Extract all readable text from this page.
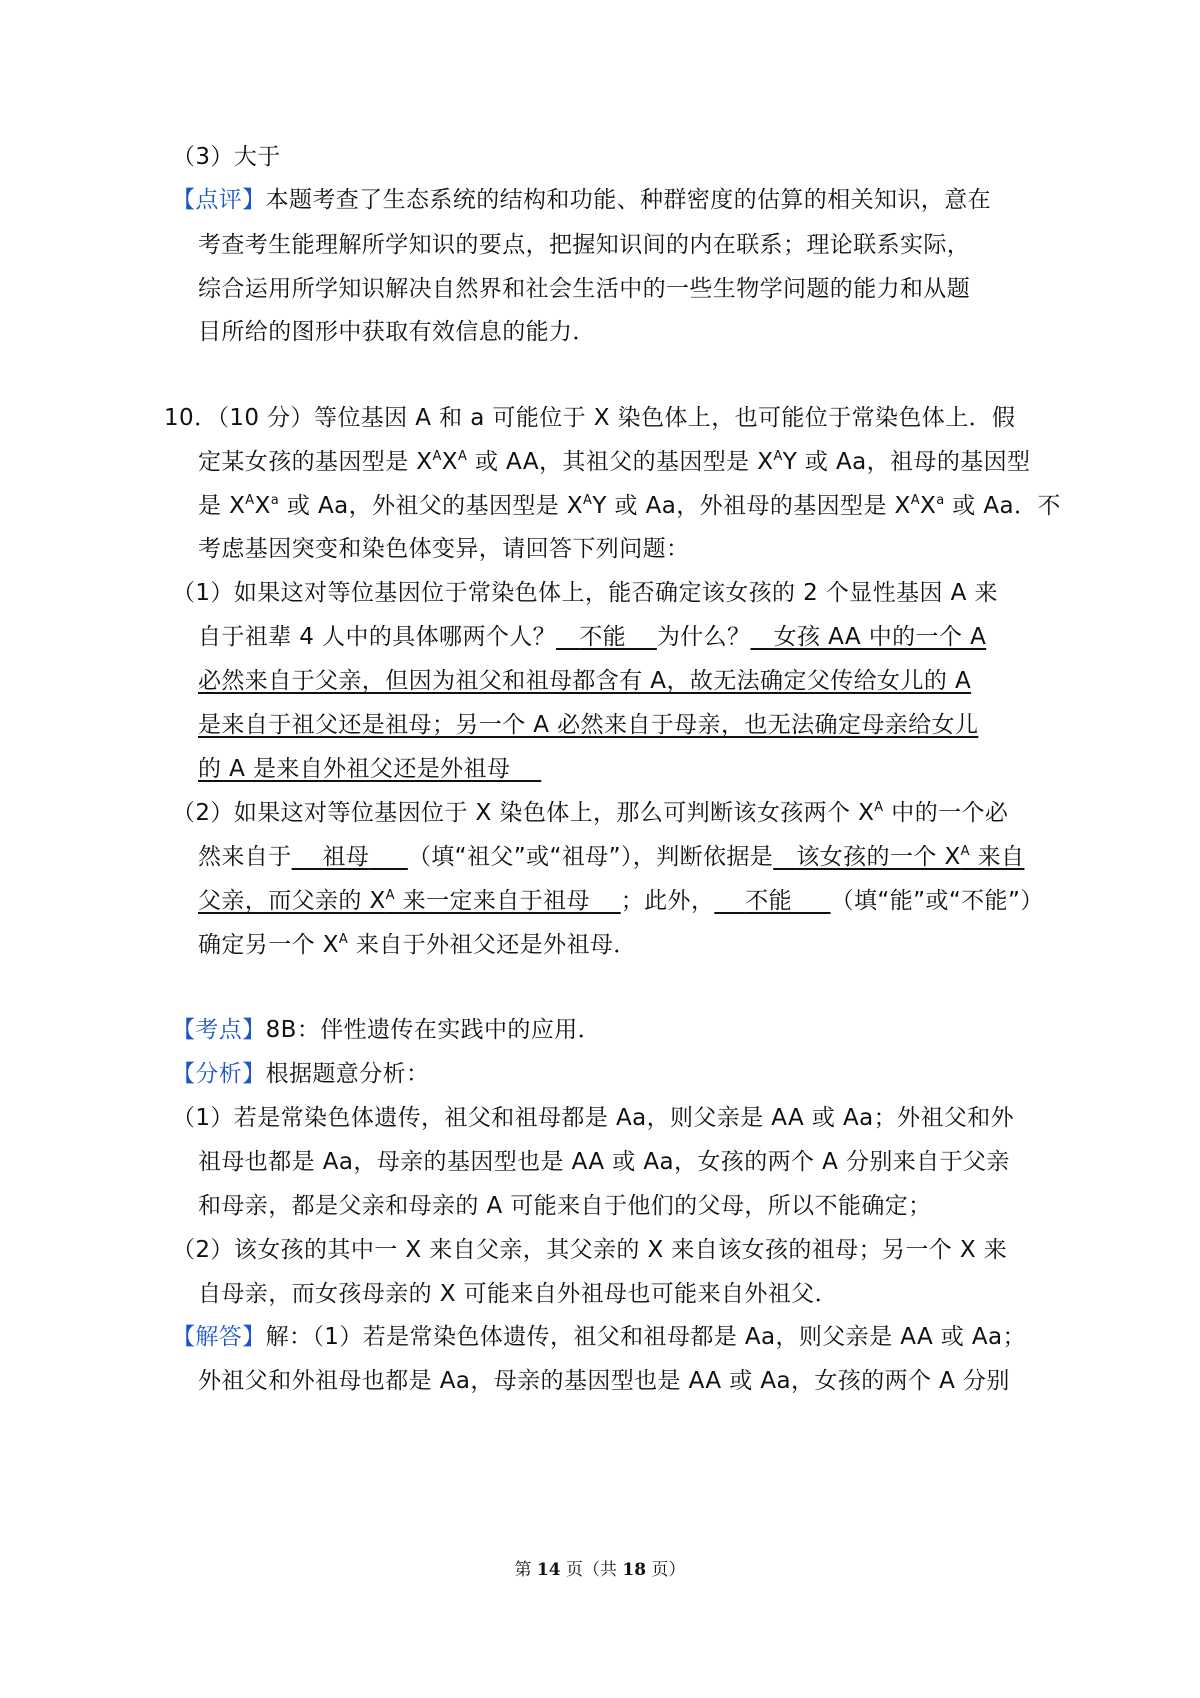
（3）大于
【点评】本题考查了生态系统的结构和功能、种群密度的估算的相关知识，意在
考查考生能理解所学知识的要点，把握知识间的内在联系；理论联系实际，
综合运用所学知识解决自然界和社会生活中的一些生物学问题的能力和从题
目所给的图形中获取有效信息的能力．
10．（10 分）等位基因 A 和 a 可能位于 X 染色体上，也可能位于常染色体上．假
定某女孩的基因型是 $X^AX^A$ 或 AA，其祖父的基因型是 $X^AY$ 或 Aa，祖母的基因型
是 $X^AX^a$ 或 Aa，外祖父的基因型是 $X^AY$ 或 Aa，外祖母的基因型是 $X^AX^a$ 或 Aa．不
考虑基因突变和染色体变异，请回答下列问题：
（1）如果这对等位基因位于常染色体上，能否确定该女孩的 2 个显性基因 A 来
自于祖辈 4 人中的具体哪两个人？ 不能 为什么？ 女孩 AA 中的一个 A
必然来自于父亲，但因为祖父和祖母都含有 A，故无法确定父传给女儿的 A
是来自于祖父还是祖母；另一个 A 必然来自于母亲，也无法确定母亲给女儿
的 A 是来自外祖父还是外祖母
（2）如果这对等位基因位于 X 染色体上，那么可判断该女孩两个 $X^A$ 中的一个必
然来自于 祖母 （填“祖父”或“祖母”），判断依据是 该女孩的一个 $X^A$ 来自
父亲，而父亲的 $X^A$ 来一定来自于祖母 ；此外， 不能 （填“能”或“不能”）
确定另一个 $X^A$ 来自于外祖父还是外祖母．
【考点】8B：伴性遗传在实践中的应用．
【分析】根据题意分析：
（1）若是常染色体遗传，祖父和祖母都是 Aa，则父亲是 AA 或 Aa；外祖父和外
祖母也都是 Aa，母亲的基因型也是 AA 或 Aa，女孩的两个 A 分别来自于父亲
和母亲，都是父亲和母亲的 A 可能来自于他们的父母，所以不能确定；
（2）该女孩的其中一 X 来自父亲，其父亲的 X 来自该女孩的祖母；另一个 X 来
自母亲，而女孩母亲的 X 可能来自外祖母也可能来自外祖父．
【解答】解：（1）若是常染色体遗传，祖父和祖母都是 Aa，则父亲是 AA 或 Aa；
外祖父和外祖母也都是 Aa，母亲的基因型也是 AA 或 Aa，女孩的两个 A 分别
第 14 页（共 18 页）
